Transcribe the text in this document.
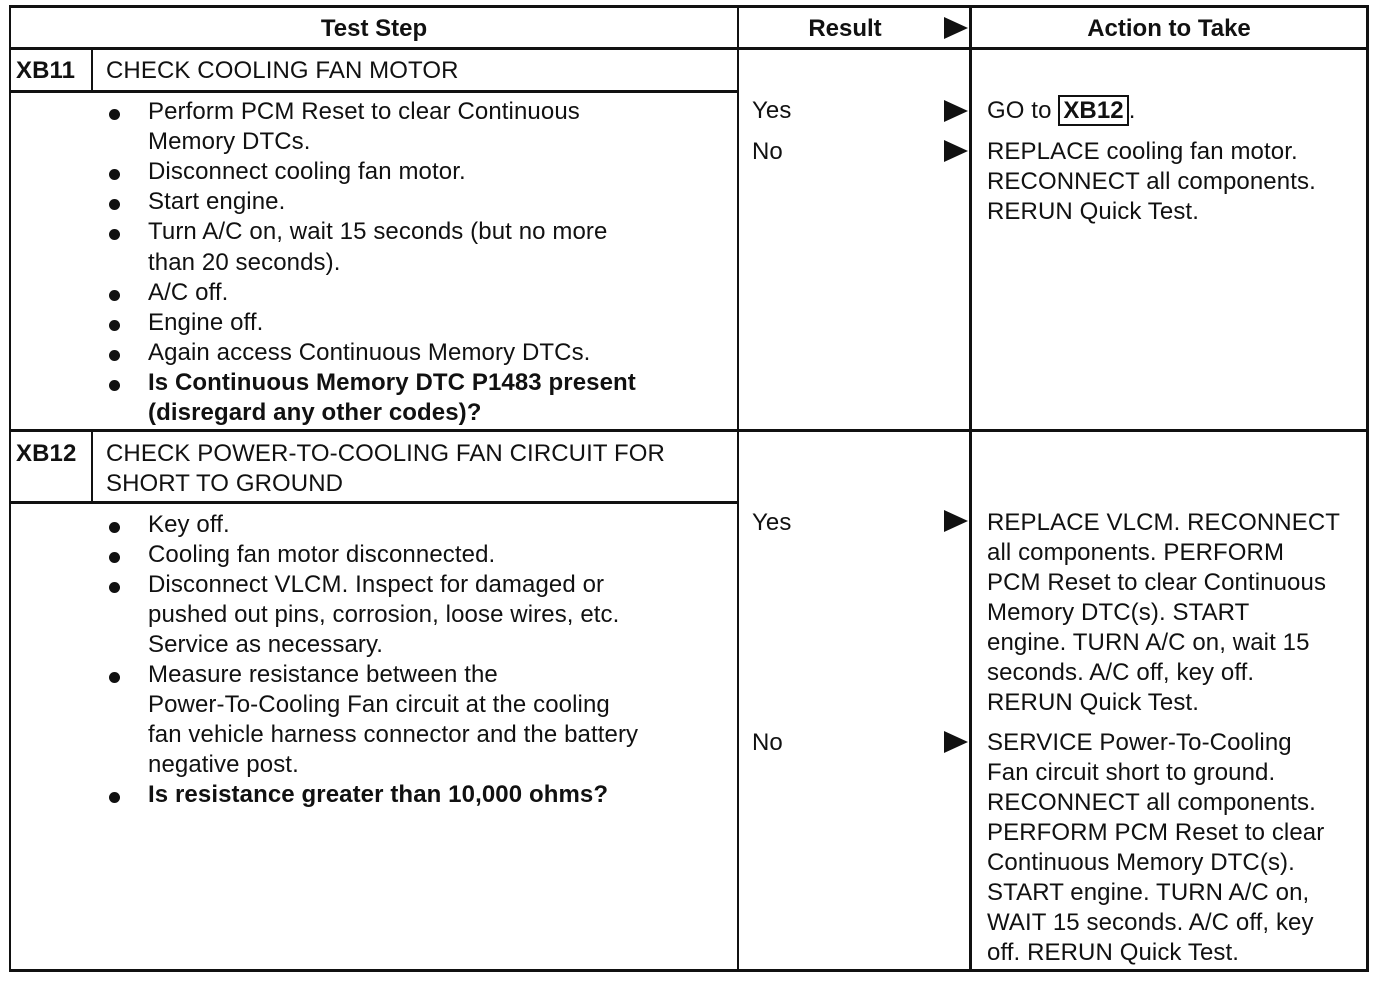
Test Step	Result	Action to Take
XB11 CHECK COOLING FAN MOTOR
Perform PCM Reset to clear Continuous
Memory DTCs.
Disconnect cooling fan motor.
Start engine.
Turn A/C on, wait 15 seconds (but no more
than 20 seconds).
A/C off.
Engine off.
Again access Continuous Memory DTCs.
Is Continuous Memory DTC P1483 present
(disregard any other codes)?
Yes
No
GO to XB12 .
REPLACE cooling fan motor.
RECONNECT all components.
RERUN Quick Test.
XB12 CHECK POWER-TO-COOLING FAN CIRCUIT FOR
SHORT TO GROUND
Key off.
Cooling fan motor disconnected.
Disconnect VLCM. Inspect for damaged or
pushed out pins, corrosion, loose wires, etc.
Service as necessary.
Measure resistance between the
Power-To-Cooling Fan circuit at the cooling
fan vehicle harness connector and the battery
negative post.
Is resistance greater than 10,000 ohms?
Yes
No
REPLACE VLCM. RECONNECT
all components. PERFORM
PCM Reset to clear Continuous
Memory DTC(s). START
engine. TURN A/C on, wait 15
seconds. A/C off, key off.
RERUN Quick Test.
SERVICE Power-To-Cooling
Fan circuit short to ground.
RECONNECT all components.
PERFORM PCM Reset to clear
Continuous Memory DTC(s).
START engine. TURN A/C on,
WAIT 15 seconds. A/C off, key
off. RERUN Quick Test.
